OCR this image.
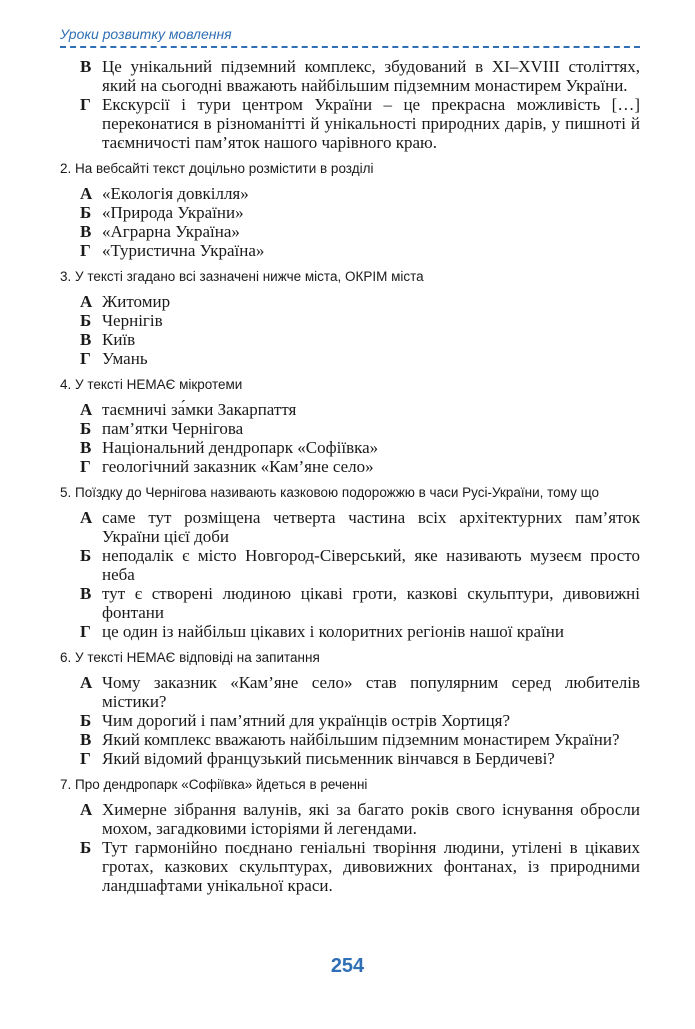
Уроки розвитку мовлення
В Це унікальний підземний комплекс, збудований в XI–XVIII століттях, який на сьогодні вважають найбільшим підземним монастирем України.
Г Екскурсії і тури центром України – це прекрасна можливість […] переконатися в різноманітті й унікальності природних дарів, у пишноті й таємничості пам’яток нашого чарівного краю.
2. На вебсайті текст доцільно розмістити в розділі
А «Екологія довкілля»
Б «Природа України»
В «Аграрна Україна»
Г «Туристична Україна»
3. У тексті згадано всі зазначені нижче міста, ОКРІМ міста
А Житомир
Б Чернігів
В Київ
Г Умань
4. У тексті НЕМАЄ мікротеми
А таємничі за́мки Закарпаття
Б пам’ятки Чернігова
В Національний дендропарк «Софіївка»
Г геологічний заказник «Кам’яне село»
5. Поїздку до Чернігова називають казковою подорожжю в часи Русі-України, тому що
А саме тут розміщена четверта частина всіх архітектурних пам’яток України цієї доби
Б неподалік є місто Новгород-Сіверський, яке називають музеєм просто неба
В тут є створені людиною цікаві гроти, казкові скульптури, дивовижні фонтани
Г це один із найбільш цікавих і колоритних регіонів нашої країни
6. У тексті НЕМАЄ відповіді на запитання
А Чому заказник «Кам’яне село» став популярним серед любителів містики?
Б Чим дорогий і пам’ятний для українців острів Хортиця?
В Який комплекс вважають найбільшим підземним монастирем України?
Г Який відомий французький письменник вінчався в Бердичеві?
7. Про дендропарк «Софіївка» йдеться в реченні
А Химерне зібрання валунів, які за багато років свого існування обросли мохом, загадковими історіями й легендами.
Б Тут гармонійно поєднано геніальні творіння людини, утілені в цікавих гротах, казкових скульптурах, дивовижних фонтанах, із природними ландшафтами унікальної краси.
254
